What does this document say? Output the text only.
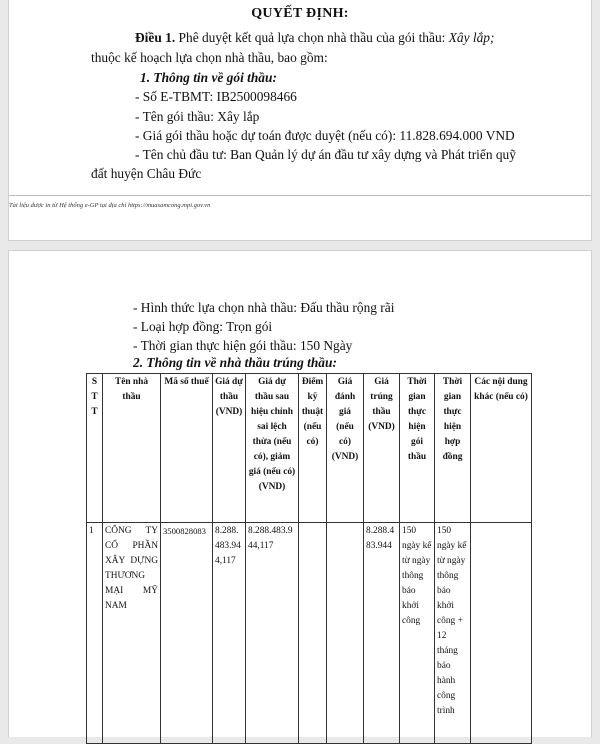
QUYẾT ĐỊNH:
Điều 1. Phê duyệt kết quả lựa chọn nhà thầu của gói thầu: Xây lắp;
thuộc kế hoạch lựa chọn nhà thầu, bao gồm:
1. Thông tin về gói thầu:
- Số E-TBMT: IB2500098466
- Tên gói thầu: Xây lắp
- Giá gói thầu hoặc dự toán được duyệt (nếu có): 11.828.694.000 VND
- Tên chủ đầu tư: Ban Quản lý dự án đầu tư xây dựng và Phát triển quỹ
đất huyện Châu Đức
Tài liệu được in từ Hệ thống e-GP tại địa chỉ https://muasamcong.mpi.gov.vn
- Hình thức lựa chọn nhà thầu: Đấu thầu rộng rãi
- Loại hợp đồng: Trọn gói
- Thời gian thực hiện gói thầu: 150 Ngày
2. Thông tin về nhà thầu trúng thầu:
STT	Tên nhà thầu	Mã số thuế	Giá dự thầu (VND)	Giá dự thầu sau hiệu chỉnh sai lệch thừa (nếu có), giảm giá (nếu có) (VND)	Điểm kỹ thuật (nếu có)	Giá đánh giá (nếu có) (VND)	Giá trúng thầu (VND)	Thời gian thực hiện gói thầu	Thời gian thực hiện hợp đồng	Các nội dung khác (nếu có)
1	CÔNG TY CỔ PHẦN XÂY DỰNG THƯƠNG MẠI MỸ NAM	3500828083	8.288.483.944,117	8.288.483.944,117			8.288.483.944	150 ngày kể từ ngày thông báo khởi công	150 ngày kể từ ngày thông báo khởi công + 12 tháng bảo hành công trình	
